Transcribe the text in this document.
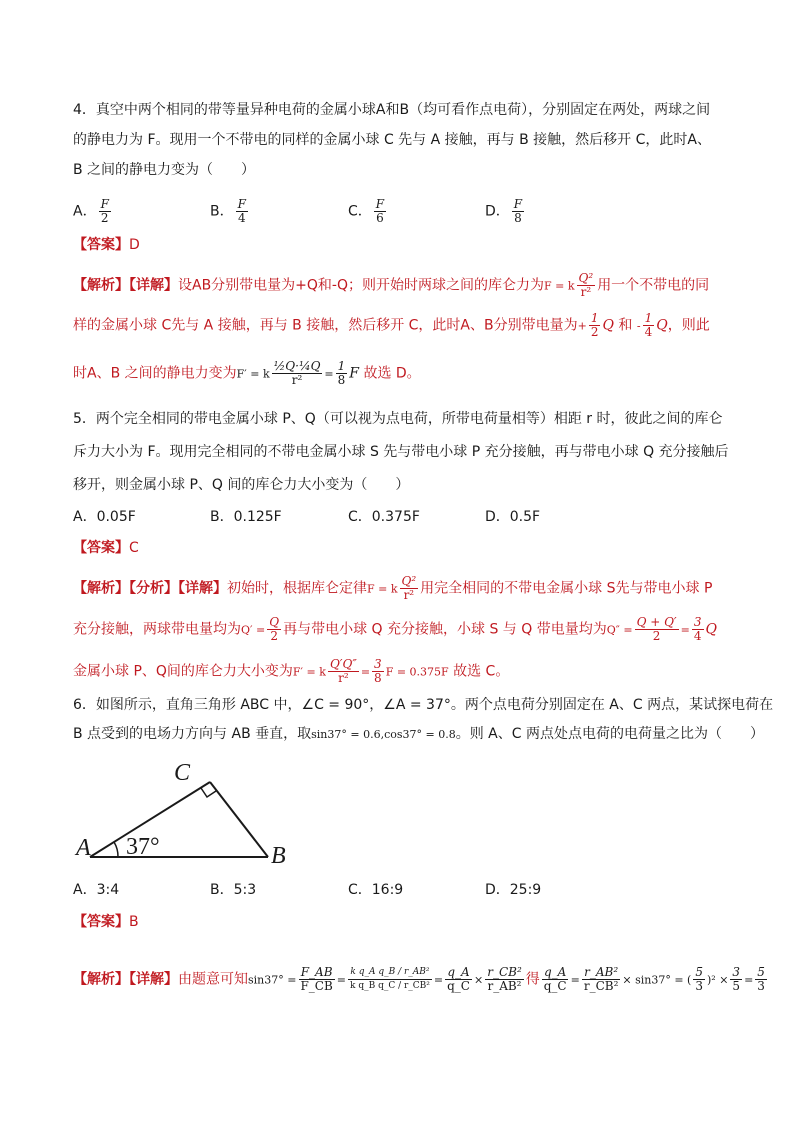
4．真空中两个相同的带等量异种电荷的金属小球A和B（均可看作点电荷），分别固定在两处，两球之间
的静电力为 F。现用一个不带电的同样的金属小球 C 先与 A 接触，再与 B 接触，然后移开 C，此时A、
B 之间的静电力变为（　　）
A． $\frac{F}{2}$	B． $\frac{F}{4}$	C． $\frac{F}{6}$	D． $\frac{F}{8}$
【答案】D
【解析】【详解】设AB分别带电量为+Q和-Q；则开始时两球之间的库仑力为F = k $\frac{\text{Q²}}{\text{r²}}$ 用一个不带电的同
样的金属小球 C先与 A 接触，再与 B 接触，然后移开 C，此时A、B分别带电量为+ $\frac{1}{2}$ Q 和 - $\frac{1}{4}$ Q，则此
时A、B 之间的静电力变为F′ = k $\frac{\text{½Q·¼Q}}{\text{r²}} = \frac{1}{8}$ F 故选 D。
5．两个完全相同的带电金属小球 P、Q（可以视为点电荷，所带电荷量相等）相距 r 时，彼此之间的库仑
斥力大小为 F。现用完全相同的不带电金属小球 S 先与带电小球 P 充分接触，再与带电小球 Q 充分接触后
移开，则金属小球 P、Q 间的库仑力大小变为（　　）
A．0.05F	B．0.125F	C．0.375F	D．0.5F
【答案】C
【解析】【分析】【详解】初始时，根据库仑定律F = k $\frac{\text{Q²}}{\text{r²}}$ 用完全相同的不带电金属小球 S先与带电小球 P
充分接触，两球带电量均为$Q' = \frac{Q}{2}$ 再与带电小球 Q 充分接触，小球 S 与 Q 带电量均为$Q'' = \frac{Q + Q'}{2} = \frac{3}{4}$ Q
金属小球 P、Q间的库仑力大小变为F′ = k $\frac{Q'Q''}{\text{r²}} = \frac{3}{8}$ F = 0.375F 故选 C。
6．如图所示，直角三角形 ABC 中，∠C = 90°，∠A = 37°。两个点电荷分别固定在 A、C 两点，某试探电荷在
B 点受到的电场力方向与 AB 垂直，取sin37° = 0.6,cos37° = 0.8。则 A、C 两点处点电荷的电荷量之比为（　　）
C
A	B
37°
A．3:4	B．5:3	C．16:9	D．25:9
【答案】B
【解析】【详解】由题意可知$\sin 37^\circ = \frac{F\_AB}{F\_CB} = \frac{\text{k q\_A q\_B / r\_AB²}}{\text{k q\_B q\_C / r\_CB²}} = \frac{q\_A}{q\_C} \times \frac{\text{r\_CB²}}{\text{r\_AB²}}$ 得 $\frac{q\_A}{q\_C} = \frac{\text{r\_AB²}}{\text{r\_CB²}} \times \sin 37^\circ$ = ( $\frac{5}{3} )^2 \times \frac{3}{5} = \frac{5}{3}$
